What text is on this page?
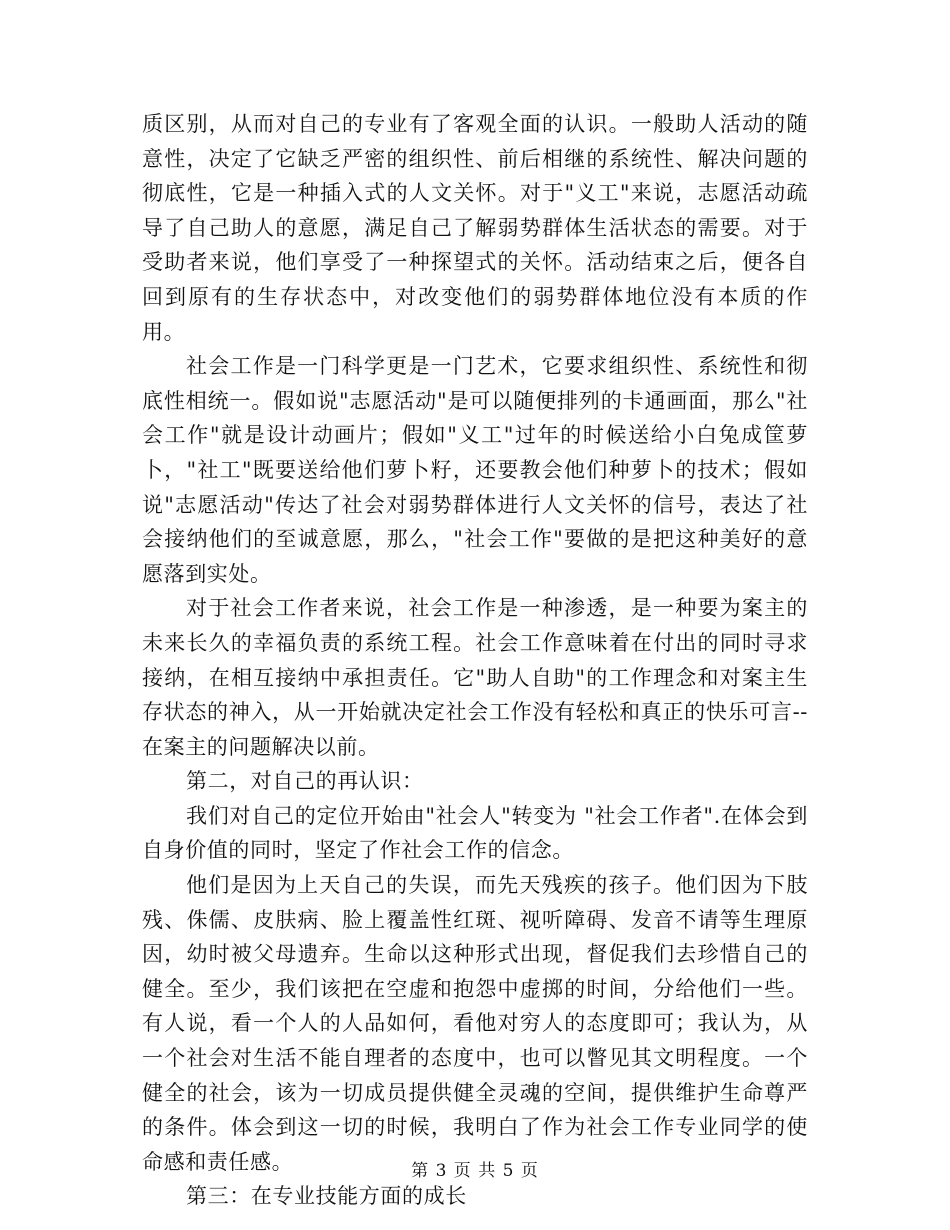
质区别，从而对自己的专业有了客观全面的认识。一般助人活动的随意性，决定了它缺乏严密的组织性、前后相继的系统性、解决问题的彻底性，它是一种插入式的人文关怀。对于"义工"来说，志愿活动疏导了自己助人的意愿，满足自己了解弱势群体生活状态的需要。对于受助者来说，他们享受了一种探望式的关怀。活动结束之后，便各自回到原有的生存状态中，对改变他们的弱势群体地位没有本质的作用。

社会工作是一门科学更是一门艺术，它要求组织性、系统性和彻底性相统一。假如说"志愿活动"是可以随便排列的卡通画面，那么"社会工作"就是设计动画片；假如"义工"过年的时候送给小白兔成筐萝卜，"社工"既要送给他们萝卜籽，还要教会他们种萝卜的技术；假如说"志愿活动"传达了社会对弱势群体进行人文关怀的信号，表达了社会接纳他们的至诚意愿，那么，"社会工作"要做的是把这种美好的意愿落到实处。

对于社会工作者来说，社会工作是一种渗透，是一种要为案主的未来长久的幸福负责的系统工程。社会工作意味着在付出的同时寻求接纳，在相互接纳中承担责任。它"助人自助"的工作理念和对案主生存状态的神入，从一开始就决定社会工作没有轻松和真正的快乐可言--在案主的问题解决以前。

第二，对自己的再认识：

我们对自己的定位开始由"社会人"转变为 "社会工作者".在体会到自身价值的同时，坚定了作社会工作的信念。

他们是因为上天自己的失误，而先天残疾的孩子。他们因为下肢残、侏儒、皮肤病、脸上覆盖性红斑、视听障碍、发音不请等生理原因，幼时被父母遗弃。生命以这种形式出现，督促我们去珍惜自己的健全。至少，我们该把在空虚和抱怨中虚掷的时间，分给他们一些。有人说，看一个人的人品如何，看他对穷人的态度即可；我认为，从一个社会对生活不能自理者的态度中，也可以瞥见其文明程度。一个健全的社会，该为一切成员提供健全灵魂的空间，提供维护生命尊严的条件。体会到这一切的时候，我明白了作为社会工作专业同学的使命感和责任感。

第三：在专业技能方面的成长

第 3 页 共 5 页
